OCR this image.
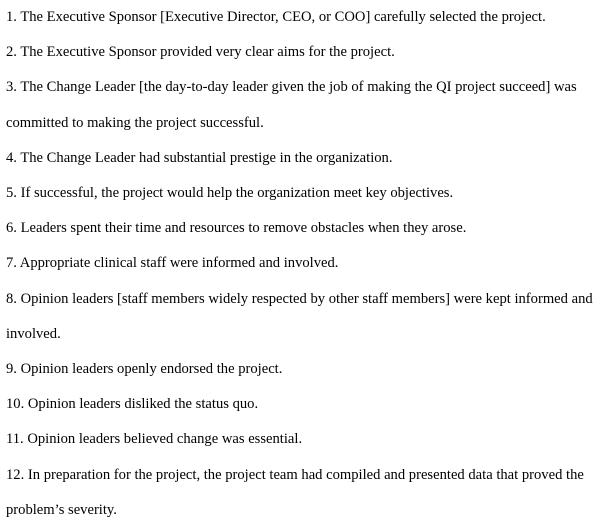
1. The Executive Sponsor [Executive Director, CEO, or COO] carefully selected the project.
2. The Executive Sponsor provided very clear aims for the project.
3. The Change Leader [the day-to-day leader given the job of making the QI project succeed] was committed to making the project successful.
4. The Change Leader had substantial prestige in the organization.
5. If successful, the project would help the organization meet key objectives.
6. Leaders spent their time and resources to remove obstacles when they arose.
7. Appropriate clinical staff were informed and involved.
8. Opinion leaders [staff members widely respected by other staff members] were kept informed and involved.
9. Opinion leaders openly endorsed the project.
10. Opinion leaders disliked the status quo.
11. Opinion leaders believed change was essential.
12. In preparation for the project, the project team had compiled and presented data that proved the problem’s severity.
